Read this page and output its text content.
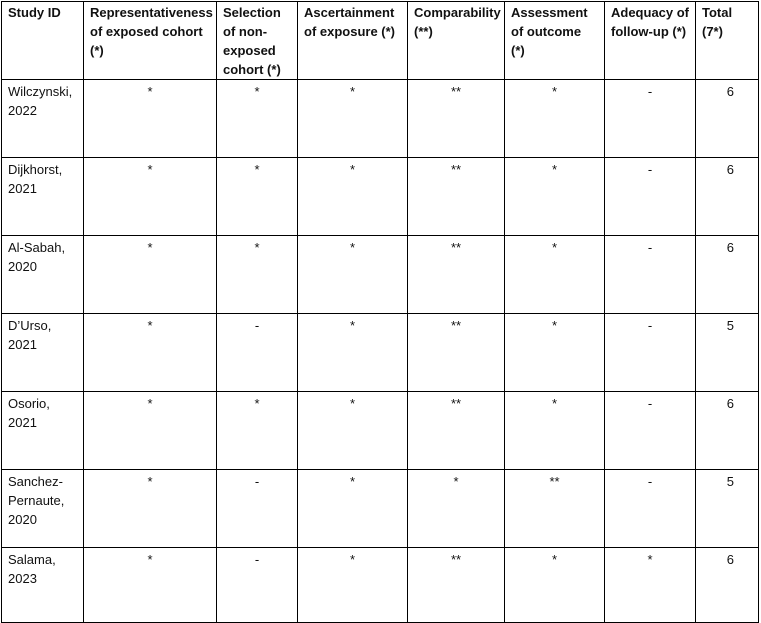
Study ID	Representativeness of exposed cohort (*)	Selection of non-exposed cohort (*)	Ascertainment of exposure (*)	Comparability (**)	Assessment of outcome (*)	Adequacy of follow-up (*)	Total (7*)
Wilczynski, 2022	*	*	*	**	*	-	6
Dijkhorst, 2021	*	*	*	**	*	-	6
Al-Sabah, 2020	*	*	*	**	*	-	6
D’Urso, 2021	*	-	*	**	*	-	5
Osorio, 2021	*	*	*	**	*	-	6
Sanchez-Pernaute, 2020	*	-	*	*	**	-	5
Salama, 2023	*	-	*	**	*	*	6
